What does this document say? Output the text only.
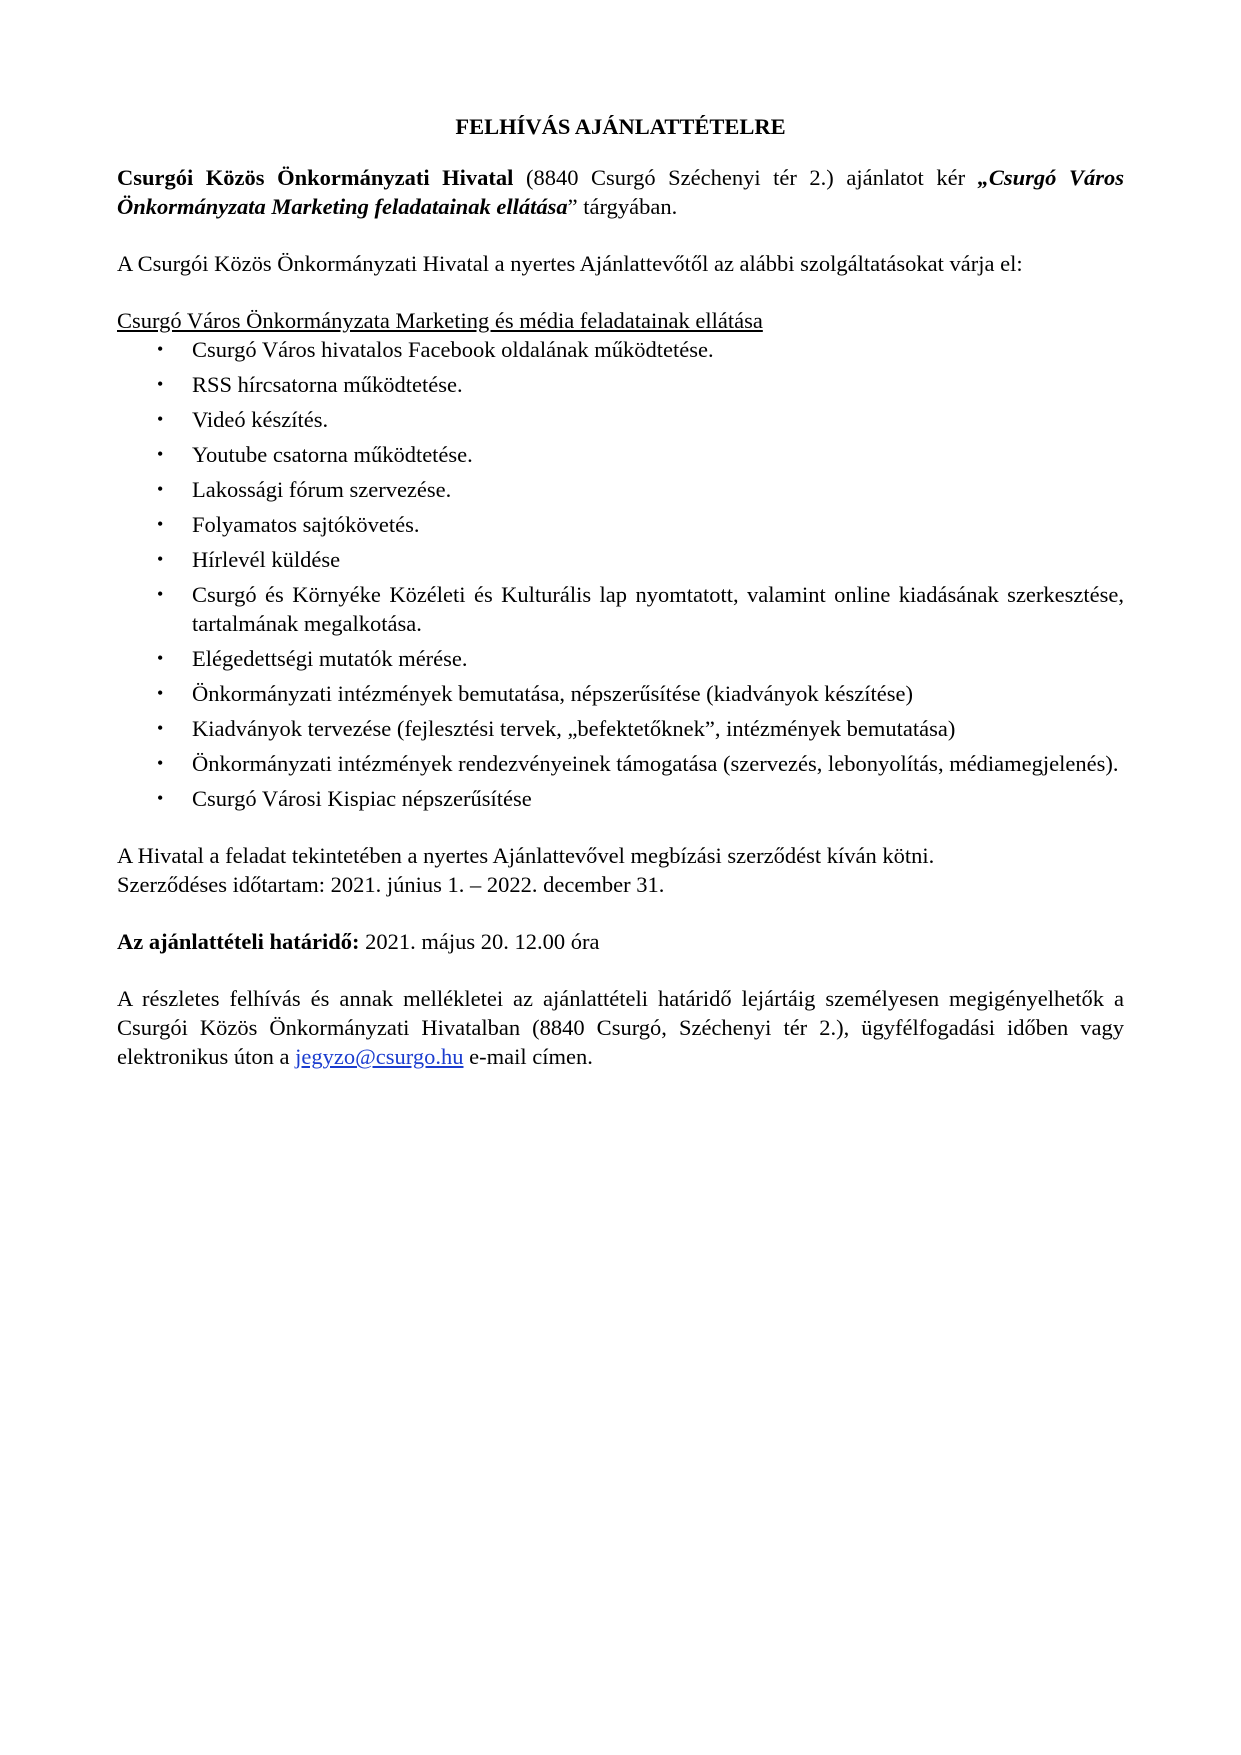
FELHÍVÁS AJÁNLATTÉTELRE

Csurgói Közös Önkormányzati Hivatal (8840 Csurgó Széchenyi tér 2.) ajánlatot kér „Csurgó Város Önkormányzata Marketing feladatainak ellátása” tárgyában.

A Csurgói Közös Önkormányzati Hivatal a nyertes Ajánlattevőtől az alábbi szolgáltatásokat várja el:

Csurgó Város Önkormányzata Marketing és média feladatainak ellátása

• Csurgó Város hivatalos Facebook oldalának működtetése.
• RSS hírcsatorna működtetése.
• Videó készítés.
• Youtube csatorna működtetése.
• Lakossági fórum szervezése.
• Folyamatos sajtókövetés.
• Hírlevél küldése
• Csurgó és Környéke Közéleti és Kulturális lap nyomtatott, valamint online kiadásának szerkesztése, tartalmának megalkotása.
• Elégedettségi mutatók mérése.
• Önkormányzati intézmények bemutatása, népszerűsítése (kiadványok készítése)
• Kiadványok tervezése (fejlesztési tervek, „befektetőknek”, intézmények bemutatása)
• Önkormányzati intézmények rendezvényeinek támogatása (szervezés, lebonyolítás, médiamegjelenés).
• Csurgó Városi Kispiac népszerűsítése

A Hivatal a feladat tekintetében a nyertes Ajánlattevővel megbízási szerződést kíván kötni.

Szerződéses időtartam: 2021. június 1. – 2022. december 31.

Az ajánlattételi határidő: 2021. május 20. 12.00 óra

A részletes felhívás és annak mellékletei az ajánlattételi határidő lejártáig személyesen megigényelhetők a Csurgói Közös Önkormányzati Hivatalban (8840 Csurgó, Széchenyi tér 2.), ügyfélfogadási időben vagy elektronikus úton a jegyzo@csurgo.hu e-mail címen.
